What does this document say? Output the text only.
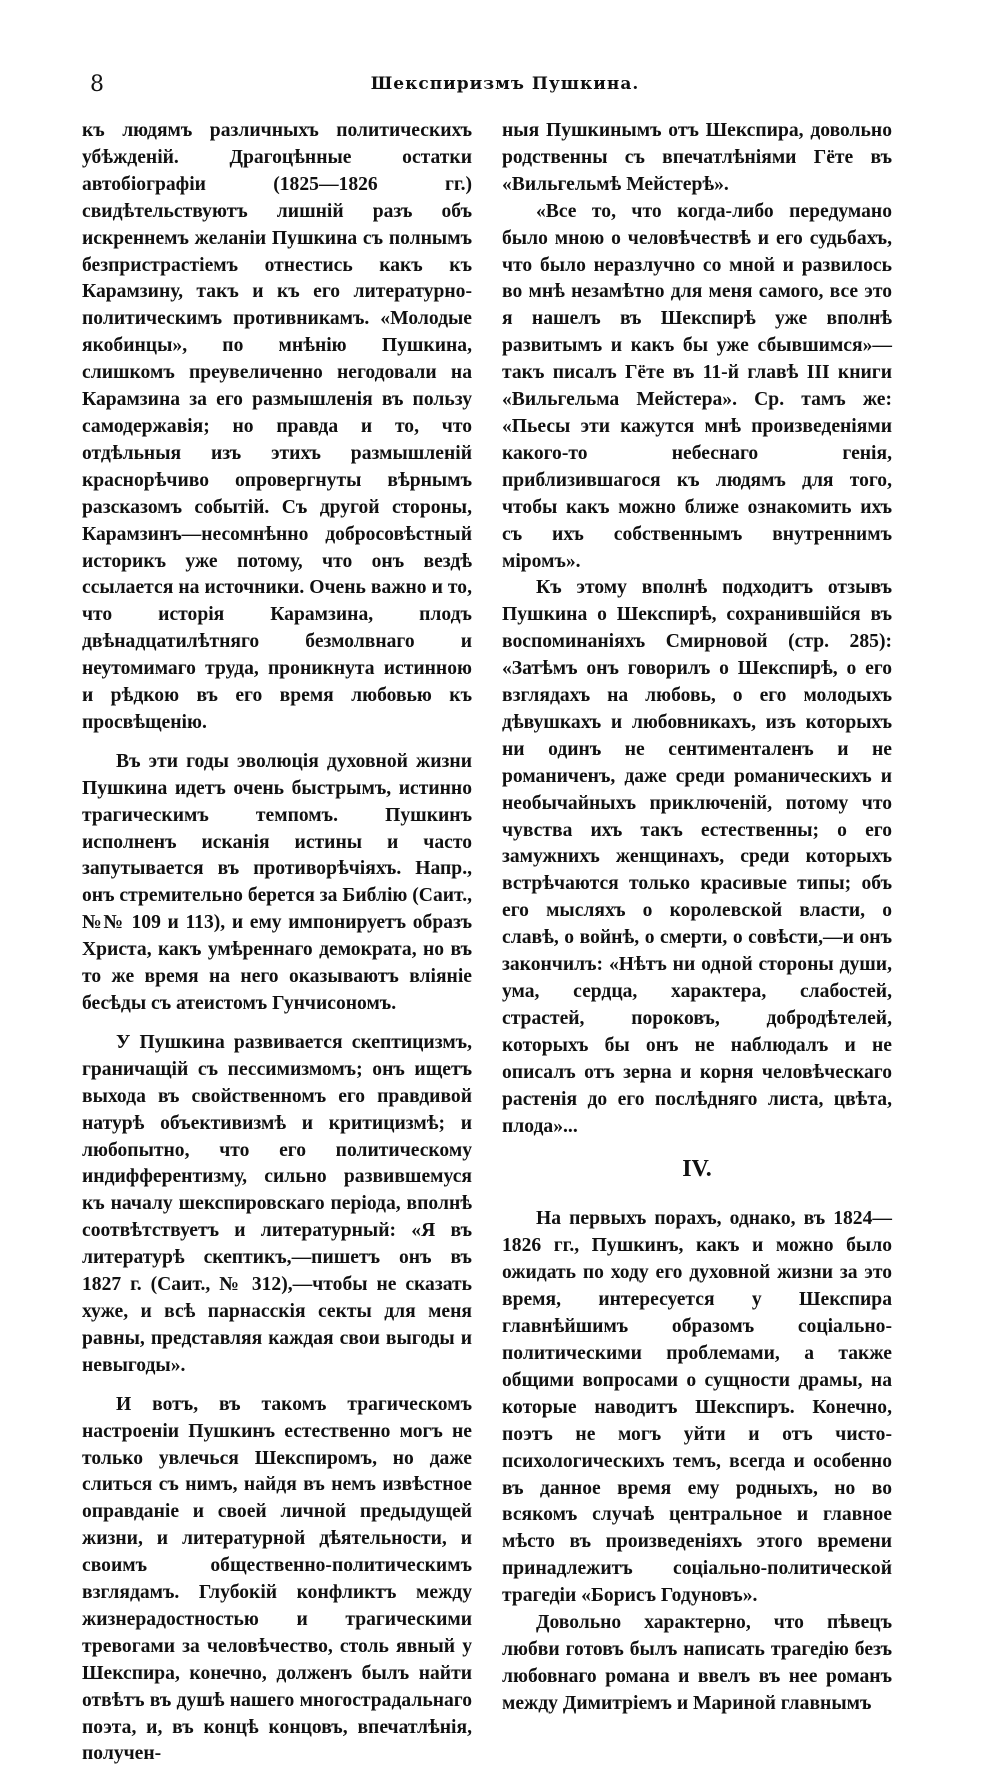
8	Шекспиризмъ Пушкина.

къ людямъ различныхъ политическихъ убѣжденій. Драгоцѣнные остатки автобіографіи (1825—1826 гг.) свидѣтельствуютъ лишній разъ объ искреннемъ желаніи Пушкина съ полнымъ безпристрастіемъ отнестись какъ къ Карамзину, такъ и къ его литературно-политическимъ противникамъ. «Молодые якобинцы», по мнѣнію Пушкина, слишкомъ преувеличенно негодовали на Карамзина за его размышленія въ пользу самодержавія; но правда и то, что отдѣльныя изъ этихъ размышленій краснорѣчиво опровергнуты вѣрнымъ разсказомъ событій. Съ другой стороны, Карамзинъ—несомнѣнно добросовѣстный историкъ уже потому, что онъ вездѣ ссылается на источники. Очень важно и то, что исторія Карамзина, плодъ двѣнадцатилѣтняго безмолвнаго и неутомимаго труда, проникнута истинною и рѣдкою въ его время любовью къ просвѣщенію.

Въ эти годы эволюція духовной жизни Пушкина идетъ очень быстрымъ, истинно трагическимъ темпомъ. Пушкинъ исполненъ исканія истины и часто запутывается въ противорѣчіяхъ. Напр., онъ стремительно берется за Библію (Саит., №№ 109 и 113), и ему импонируетъ образъ Христа, какъ умѣреннаго демократа, но въ то же время на него оказываютъ вліяніе бесѣды съ атеистомъ Гунчисономъ.

У Пушкина развивается скептицизмъ, граничащій съ пессимизмомъ; онъ ищетъ выхода въ свойственномъ его правдивой натурѣ объективизмѣ и критицизмѣ; и любопытно, что его политическому индифферентизму, сильно развившемуся къ началу шекспировскаго періода, вполнѣ соотвѣтствуетъ и литературный: «Я въ литературѣ скептикъ,—пишетъ онъ въ 1827 г. (Саит., № 312),—чтобы не сказать хуже, и всѣ парнасскія секты для меня равны, представляя каждая свои выгоды и невыгоды».

И вотъ, въ такомъ трагическомъ настроеніи Пушкинъ естественно могъ не только увлечься Шекспиромъ, но даже слиться съ нимъ, найдя въ немъ извѣстное оправданіе и своей личной предыдущей жизни, и литературной дѣятельности, и своимъ общественно-политическимъ взглядамъ. Глубокій конфликтъ между жизнерадостностью и трагическими тревогами за человѣчество, столь явный у Шекспира, конечно, долженъ былъ найти отвѣтъ въ душѣ нашего многострадальнаго поэта, и, въ концѣ концовъ, впечатлѣнія, получен-

ныя Пушкинымъ отъ Шекспира, довольно родственны съ впечатлѣніями Гёте въ «Вильгельмѣ Мейстерѣ».

«Все то, что когда-либо передумано было мною о человѣчествѣ и его судьбахъ, что было неразлучно со мной и развилось во мнѣ незамѣтно для меня самого, все это я нашелъ въ Шекспирѣ уже вполнѣ развитымъ и какъ бы уже сбывшимся»—такъ писалъ Гёте въ 11-й главѣ III книги «Вильгельма Мейстера». Ср. тамъ же: «Пьесы эти кажутся мнѣ произведеніями какого-то небеснаго генія, приблизившагося къ людямъ для того, чтобы какъ можно ближе ознакомить ихъ съ ихъ собственнымъ внутреннимъ міромъ».

Къ этому вполнѣ подходитъ отзывъ Пушкина о Шекспирѣ, сохранившійся въ воспоминаніяхъ Смирновой (стр. 285): «Затѣмъ онъ говорилъ о Шекспирѣ, о его взглядахъ на любовь, о его молодыхъ дѣвушкахъ и любовникахъ, изъ которыхъ ни одинъ не сентименталенъ и не романиченъ, даже среди романическихъ и необычайныхъ приключеній, потому что чувства ихъ такъ естественны; о его замужнихъ женщинахъ, среди которыхъ встрѣчаются только красивые типы; объ его мысляхъ о королевской власти, о славѣ, о войнѣ, о смерти, о совѣсти,—и онъ закончилъ: «Нѣтъ ни одной стороны души, ума, сердца, характера, слабостей, страстей, пороковъ, добродѣтелей, которыхъ бы онъ не наблюдалъ и не описалъ отъ зерна и корня человѣческаго растенія до его послѣдняго листа, цвѣта, плода»...

IV.

На первыхъ порахъ, однако, въ 1824—1826 гг., Пушкинъ, какъ и можно было ожидать по ходу его духовной жизни за это время, интересуется у Шекспира главнѣйшимъ образомъ соціально-политическими проблемами, а также общими вопросами о сущности драмы, на которые наводитъ Шекспиръ. Конечно, поэтъ не могъ уйти и отъ чисто-психологическихъ темъ, всегда и особенно въ данное время ему родныхъ, но во всякомъ случаѣ центральное и главное мѣсто въ произведеніяхъ этого времени принадлежитъ соціально-политической трагедіи «Борисъ Годуновъ».

Довольно характерно, что пѣвецъ любви готовъ былъ написать трагедію безъ любовнаго романа и ввелъ въ нее романъ между Димитріемъ и Мариной главнымъ
